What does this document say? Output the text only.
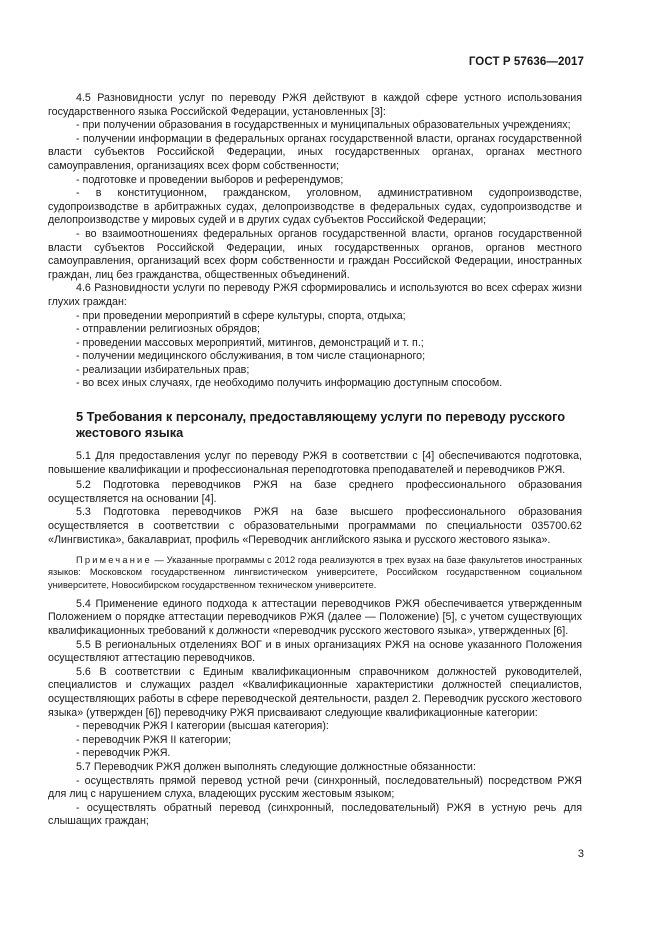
ГОСТ Р 57636—2017

4.5 Разновидности услуг по переводу РЖЯ действуют в каждой сфере устного использования государственного языка Российской Федерации, установленных [3]:

- при получении образования в государственных и муниципальных образовательных учреждениях;

- получении информации в федеральных органах государственной власти, органах государственной власти субъектов Российской Федерации, иных государственных органах, органах местного самоуправления, организациях всех форм собственности;

- подготовке и проведении выборов и референдумов;

- в конституционном, гражданском, уголовном, административном судопроизводстве, судопроизводстве в арбитражных судах, делопроизводстве в федеральных судах, судопроизводстве и делопроизводстве у мировых судей и в других судах субъектов Российской Федерации;

- во взаимоотношениях федеральных органов государственной власти, органов государственной власти субъектов Российской Федерации, иных государственных органов, органов местного самоуправления, организаций всех форм собственности и граждан Российской Федерации, иностранных граждан, лиц без гражданства, общественных объединений.

4.6 Разновидности услуги по переводу РЖЯ сформировались и используются во всех сферах жизни глухих граждан:

- при проведении мероприятий в сфере культуры, спорта, отдыха;

- отправлении религиозных обрядов;

- проведении массовых мероприятий, митингов, демонстраций и т. п.;

- получении медицинского обслуживания, в том числе стационарного;

- реализации избирательных прав;

- во всех иных случаях, где необходимо получить информацию доступным способом.

5 Требования к персоналу, предоставляющему услуги по переводу русского жестового языка

5.1 Для предоставления услуг по переводу РЖЯ в соответствии с [4] обеспечиваются подготовка, повышение квалификации и профессиональная переподготовка преподавателей и переводчиков РЖЯ.

5.2 Подготовка переводчиков РЖЯ на базе среднего профессионального образования осуществляется на основании [4].

5.3 Подготовка переводчиков РЖЯ на базе высшего профессионального образования осуществляется в соответствии с образовательными программами по специальности 035700.62 «Лингвистика», бакалавриат, профиль «Переводчик английского языка и русского жестового языка».

Примечание — Указанные программы с 2012 года реализуются в трех вузах на базе факультетов иностранных языков: Московском государственном лингвистическом университете, Российском государственном социальном университете, Новосибирском государственном техническом университете.

5.4 Применение единого подхода к аттестации переводчиков РЖЯ обеспечивается утвержденным Положением о порядке аттестации переводчиков РЖЯ (далее — Положение) [5], с учетом существующих квалификационных требований к должности «переводчик русского жестового языка», утвержденных [6].

5.5 В региональных отделениях ВОГ и в иных организациях РЖЯ на основе указанного Положения осуществляют аттестацию переводчиков.

5.6 В соответствии с Единым квалификационным справочником должностей руководителей, специалистов и служащих раздел «Квалификационные характеристики должностей специалистов, осуществляющих работы в сфере переводческой деятельности, раздел 2. Переводчик русского жестового языка» (утвержден [6]) переводчику РЖЯ присваивают следующие квалификационные категории:

- переводчик РЖЯ I категории (высшая категория):

- переводчик РЖЯ II категории;

- переводчик РЖЯ.

5.7 Переводчик РЖЯ должен выполнять следующие должностные обязанности:

- осуществлять прямой перевод устной речи (синхронный, последовательный) посредством РЖЯ для лиц с нарушением слуха, владеющих русским жестовым языком;

- осуществлять обратный перевод (синхронный, последовательный) РЖЯ в устную речь для слышащих граждан;

3
